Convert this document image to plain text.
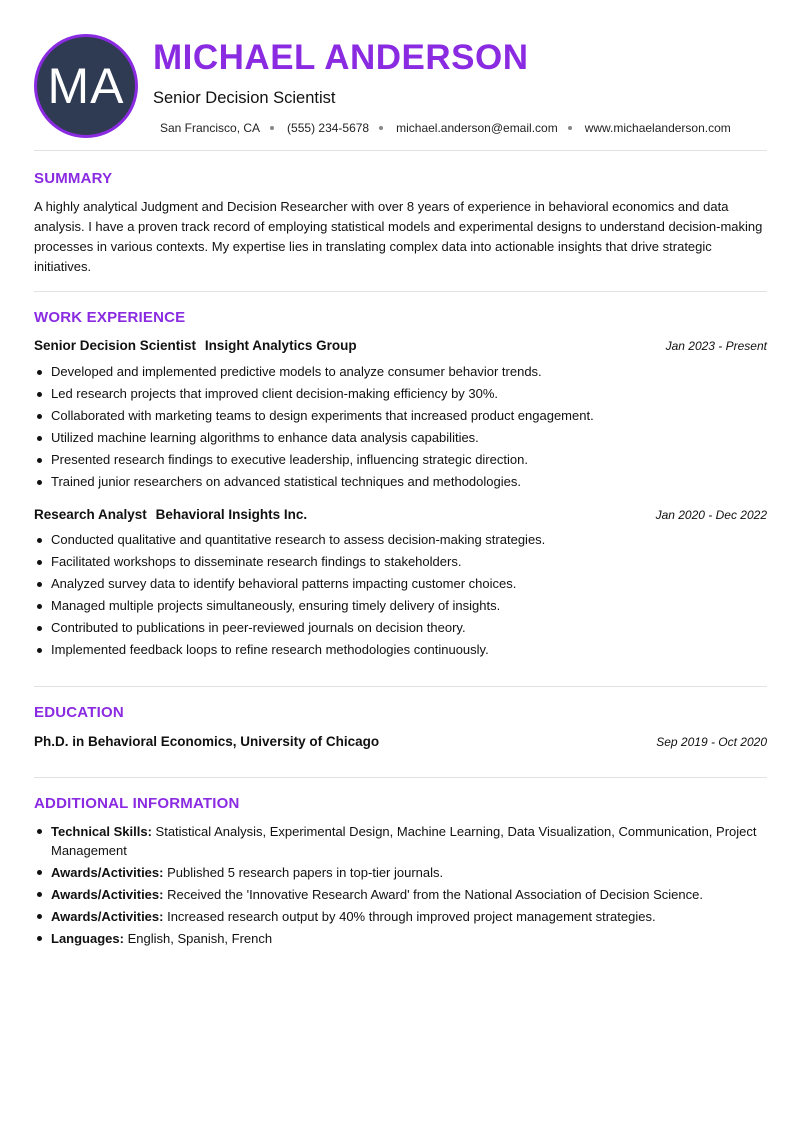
MA
MICHAEL ANDERSON

Senior Decision Scientist

San Francisco, CA (555) 234-5678 michael.anderson@email.com www.michaelanderson.com
SUMMARY

A highly analytical Judgment and Decision Researcher with over 8 years of experience in behavioral economics and data analysis. I have a proven track record of employing statistical models and experimental designs to understand decision-making processes in various contexts. My expertise lies in translating complex data into actionable insights that drive strategic initiatives.

WORK EXPERIENCE
Senior Decision Scientist Insight Analytics Group	Jan 2023 - Present
Developed and implemented predictive models to analyze consumer behavior trends.
Led research projects that improved client decision-making efficiency by 30%.
Collaborated with marketing teams to design experiments that increased product engagement.
Utilized machine learning algorithms to enhance data analysis capabilities.
Presented research findings to executive leadership, influencing strategic direction.
Trained junior researchers on advanced statistical techniques and methodologies.
Research Analyst Behavioral Insights Inc.	Jan 2020 - Dec 2022
Conducted qualitative and quantitative research to assess decision-making strategies.
Facilitated workshops to disseminate research findings to stakeholders.
Analyzed survey data to identify behavioral patterns impacting customer choices.
Managed multiple projects simultaneously, ensuring timely delivery of insights.
Contributed to publications in peer-reviewed journals on decision theory.
Implemented feedback loops to refine research methodologies continuously.
EDUCATION
Ph.D. in Behavioral Economics, University of Chicago	Sep 2019 - Oct 2020
ADDITIONAL INFORMATION
Technical Skills: Statistical Analysis, Experimental Design, Machine Learning, Data Visualization, Communication, Project Management
Awards/Activities: Published 5 research papers in top-tier journals.
Awards/Activities: Received the 'Innovative Research Award' from the National Association of Decision Science.
Awards/Activities: Increased research output by 40% through improved project management strategies.
Languages: English, Spanish, French
